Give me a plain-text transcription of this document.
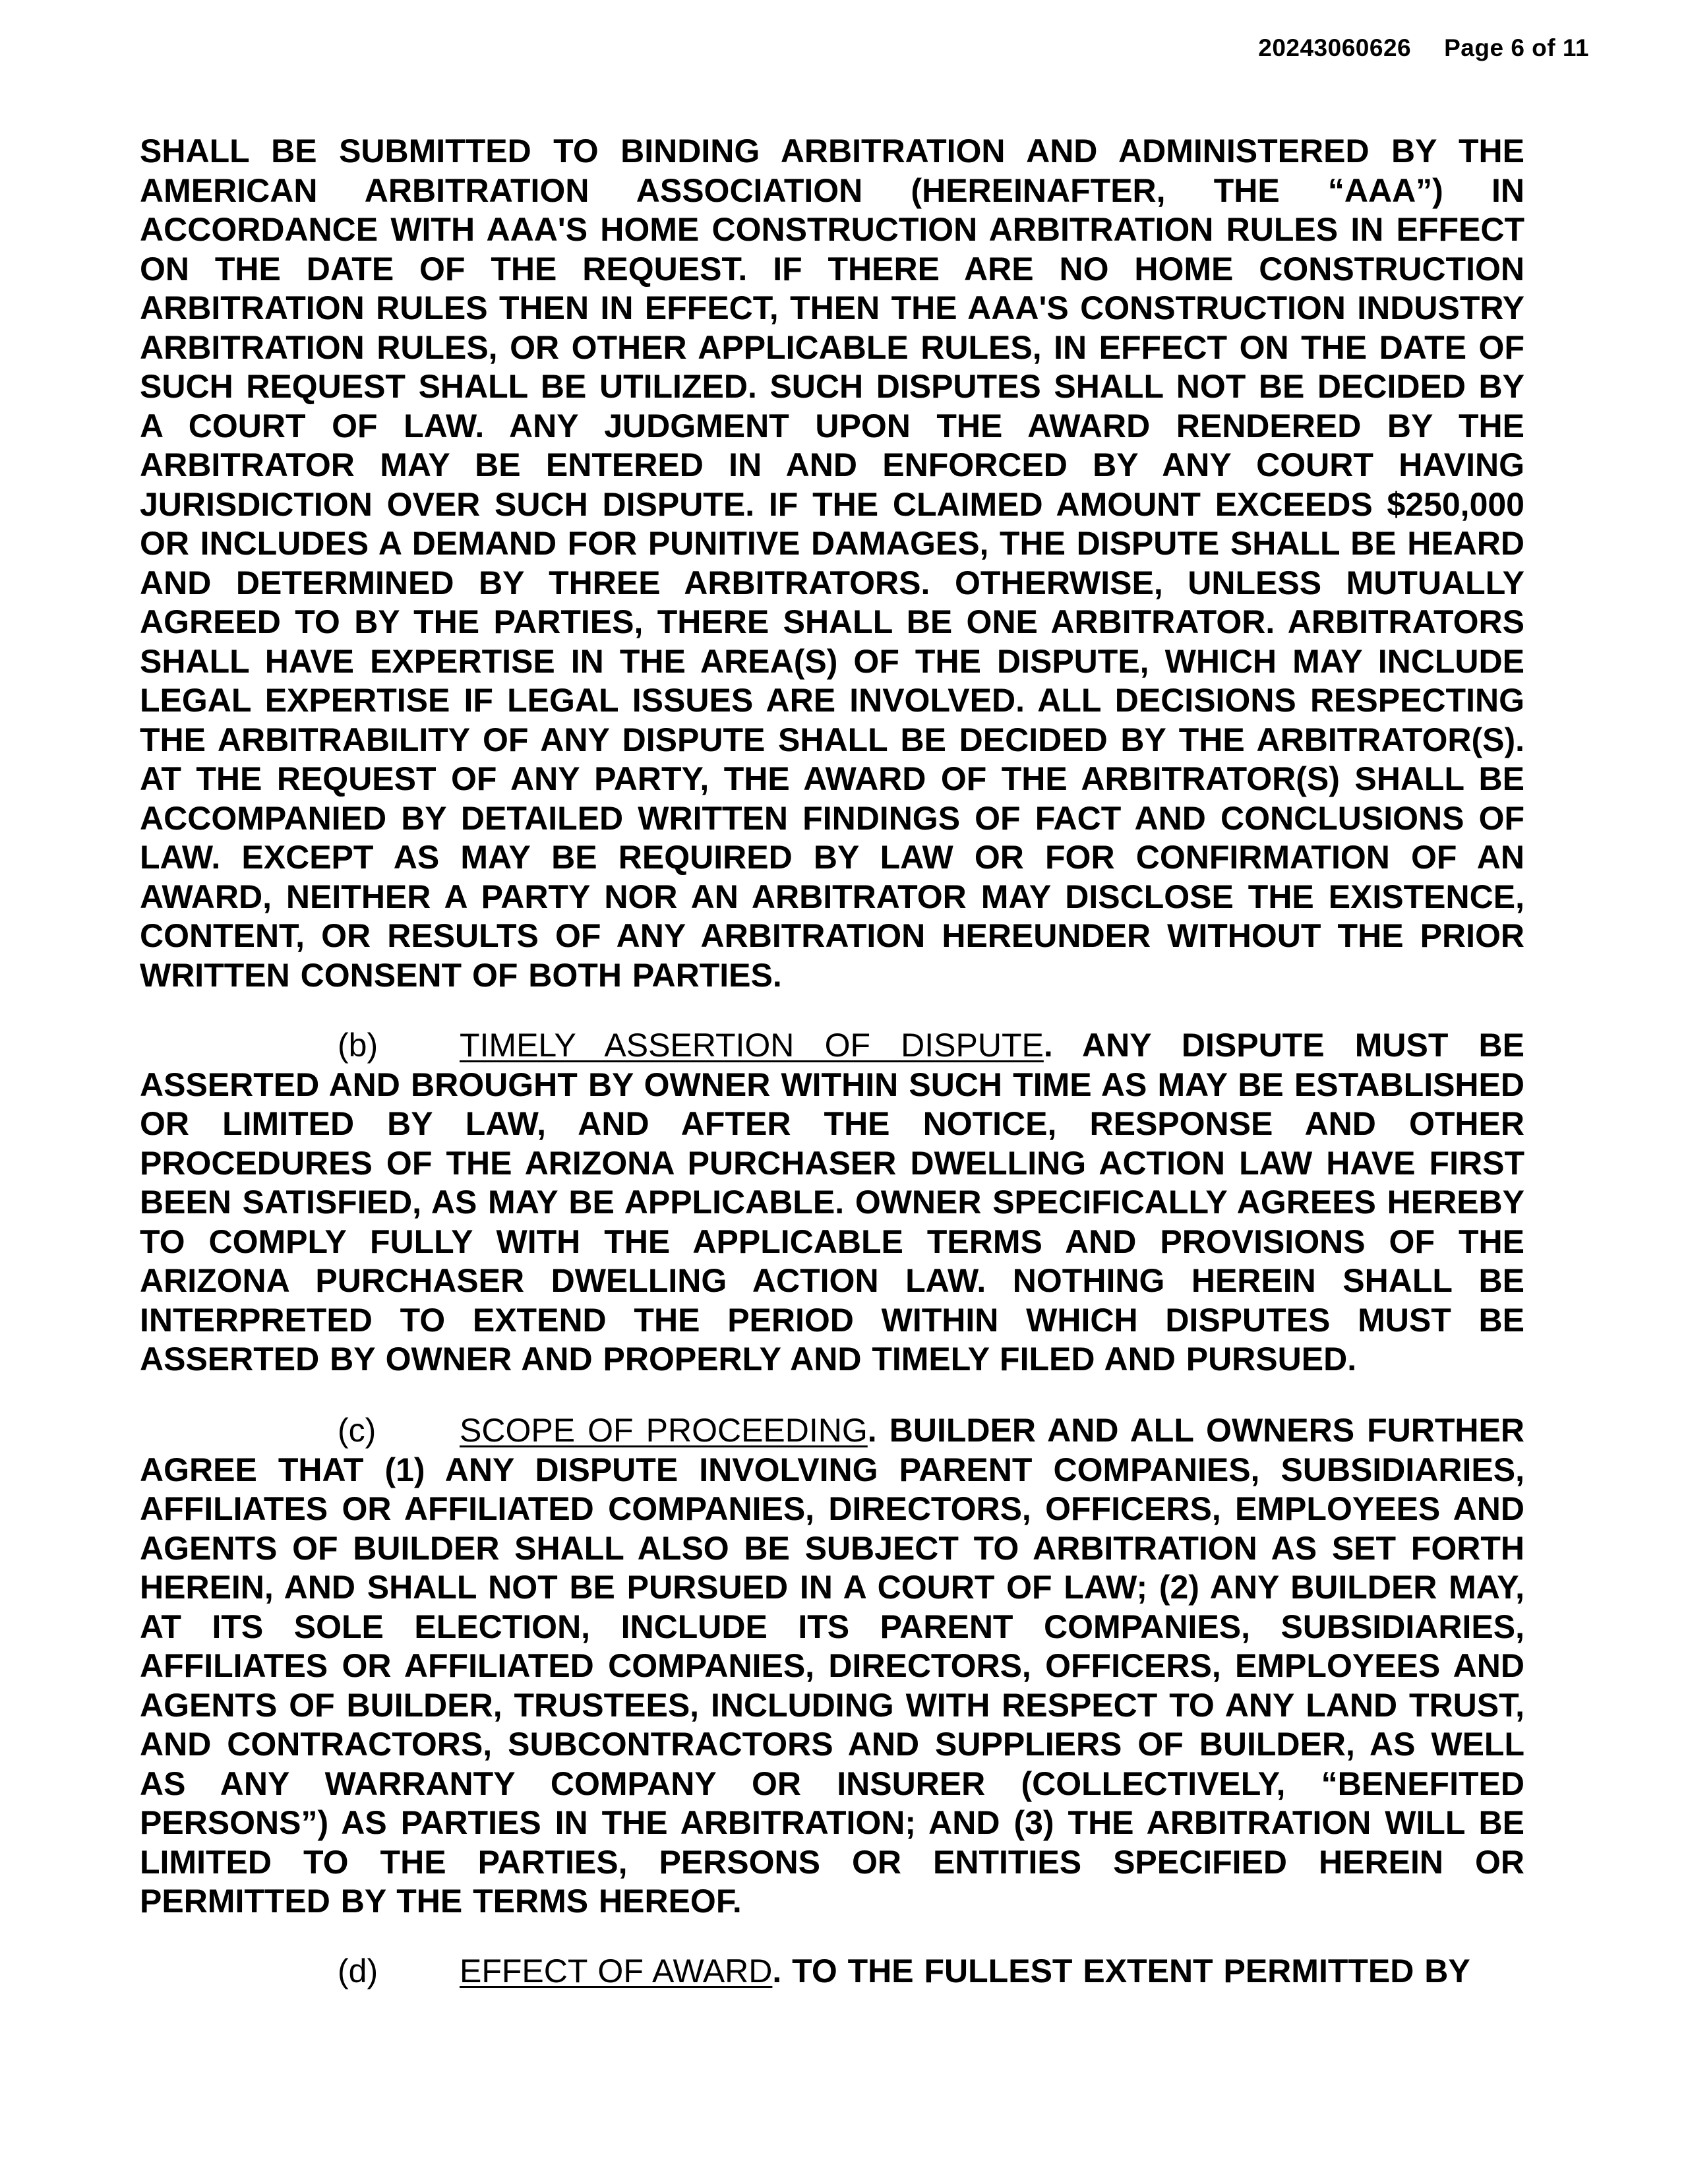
20243060626 Page 6 of 11
SHALL BE SUBMITTED TO BINDING ARBITRATION AND ADMINISTERED BY THE AMERICAN ARBITRATION ASSOCIATION (HEREINAFTER, THE “AAA”) IN ACCORDANCE WITH AAA'S HOME CONSTRUCTION ARBITRATION RULES IN EFFECT ON THE DATE OF THE REQUEST. IF THERE ARE NO HOME CONSTRUCTION ARBITRATION RULES THEN IN EFFECT, THEN THE AAA'S CONSTRUCTION INDUSTRY ARBITRATION RULES, OR OTHER APPLICABLE RULES, IN EFFECT ON THE DATE OF SUCH REQUEST SHALL BE UTILIZED. SUCH DISPUTES SHALL NOT BE DECIDED BY A COURT OF LAW. ANY JUDGMENT UPON THE AWARD RENDERED BY THE ARBITRATOR MAY BE ENTERED IN AND ENFORCED BY ANY COURT HAVING JURISDICTION OVER SUCH DISPUTE. IF THE CLAIMED AMOUNT EXCEEDS $250,000 OR INCLUDES A DEMAND FOR PUNITIVE DAMAGES, THE DISPUTE SHALL BE HEARD AND DETERMINED BY THREE ARBITRATORS. OTHERWISE, UNLESS MUTUALLY AGREED TO BY THE PARTIES, THERE SHALL BE ONE ARBITRATOR. ARBITRATORS SHALL HAVE EXPERTISE IN THE AREA(S) OF THE DISPUTE, WHICH MAY INCLUDE LEGAL EXPERTISE IF LEGAL ISSUES ARE INVOLVED. ALL DECISIONS RESPECTING THE ARBITRABILITY OF ANY DISPUTE SHALL BE DECIDED BY THE ARBITRATOR(S). AT THE REQUEST OF ANY PARTY, THE AWARD OF THE ARBITRATOR(S) SHALL BE ACCOMPANIED BY DETAILED WRITTEN FINDINGS OF FACT AND CONCLUSIONS OF LAW. EXCEPT AS MAY BE REQUIRED BY LAW OR FOR CONFIRMATION OF AN AWARD, NEITHER A PARTY NOR AN ARBITRATOR MAY DISCLOSE THE EXISTENCE, CONTENT, OR RESULTS OF ANY ARBITRATION HEREUNDER WITHOUT THE PRIOR WRITTEN CONSENT OF BOTH PARTIES.
(b) TIMELY ASSERTION OF DISPUTE. ANY DISPUTE MUST BE ASSERTED AND BROUGHT BY OWNER WITHIN SUCH TIME AS MAY BE ESTABLISHED OR LIMITED BY LAW, AND AFTER THE NOTICE, RESPONSE AND OTHER PROCEDURES OF THE ARIZONA PURCHASER DWELLING ACTION LAW HAVE FIRST BEEN SATISFIED, AS MAY BE APPLICABLE. OWNER SPECIFICALLY AGREES HEREBY TO COMPLY FULLY WITH THE APPLICABLE TERMS AND PROVISIONS OF THE ARIZONA PURCHASER DWELLING ACTION LAW. NOTHING HEREIN SHALL BE INTERPRETED TO EXTEND THE PERIOD WITHIN WHICH DISPUTES MUST BE ASSERTED BY OWNER AND PROPERLY AND TIMELY FILED AND PURSUED.
(c)	SCOPE OF PROCEEDING. BUILDER AND ALL OWNERS FURTHER AGREE THAT (1) ANY DISPUTE INVOLVING PARENT COMPANIES, SUBSIDIARIES, AFFILIATES OR AFFILIATED COMPANIES, DIRECTORS, OFFICERS, EMPLOYEES AND AGENTS OF BUILDER SHALL ALSO BE SUBJECT TO ARBITRATION AS SET FORTH HEREIN, AND SHALL NOT BE PURSUED IN A COURT OF LAW; (2) ANY BUILDER MAY, AT ITS SOLE ELECTION, INCLUDE ITS PARENT COMPANIES, SUBSIDIARIES, AFFILIATES OR AFFILIATED COMPANIES, DIRECTORS, OFFICERS, EMPLOYEES AND AGENTS OF BUILDER, TRUSTEES, INCLUDING WITH RESPECT TO ANY LAND TRUST, AND CONTRACTORS, SUBCONTRACTORS AND SUPPLIERS OF BUILDER, AS WELL AS ANY WARRANTY COMPANY OR INSURER (COLLECTIVELY, “BENEFITED PERSONS”) AS PARTIES IN THE ARBITRATION; AND (3) THE ARBITRATION WILL BE LIMITED TO THE PARTIES, PERSONS OR ENTITIES SPECIFIED HEREIN OR PERMITTED BY THE TERMS HEREOF.
(d) EFFECT OF AWARD. TO THE FULLEST EXTENT PERMITTED BY
